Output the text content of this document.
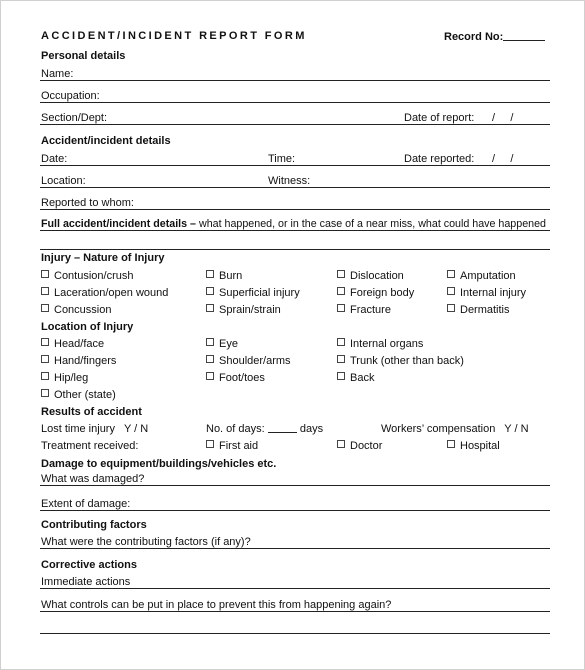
ACCIDENT/INCIDENT REPORT FORM	Record No:
Personal details
Name:
Occupation:
Section/Dept:	Date of report: /     /
Accident/incident details
Date:	Time:	Date reported: /     /
Location:	Witness:
Reported to whom:
Full accident/incident details – what happened, or in the case of a near miss, what could have happened
Injury – Nature of Injury
Contusion/crush	Burn	Dislocation	Amputation
Laceration/open wound	Superficial injury	Foreign body	Internal injury
Concussion	Sprain/strain	Fracture	Dermatitis
Location of Injury
Head/face	Eye	Internal organs
Hand/fingers	Shoulder/arms	Trunk (other than back)
Hip/leg	Foot/toes	Back
Other (state)
Results of accident
Lost time injury   Y / N	No. of days:	days	Workers’ compensation   Y / N
Treatment received:	First aid	Doctor	Hospital
Damage to equipment/buildings/vehicles etc.
What was damaged?
Extent of damage:
Contributing factors
What were the contributing factors (if any)?
Corrective actions
Immediate actions
What controls can be put in place to prevent this from happening again?
